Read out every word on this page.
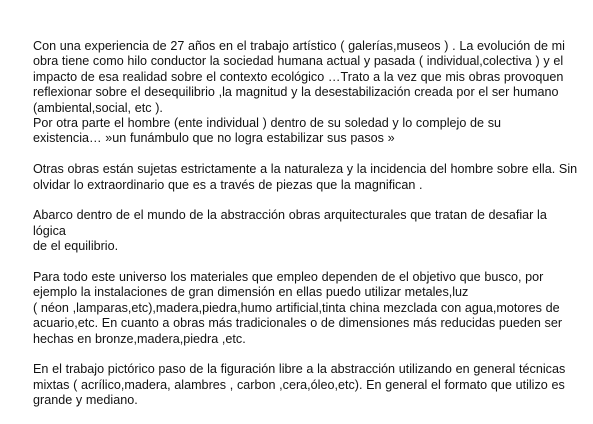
Con una experiencia de 27 años en el trabajo artístico ( galerías,museos ) . La evolución de mi
obra tiene como hilo conductor la sociedad humana actual y pasada ( individual,colectiva ) y el
impacto de esa realidad sobre el contexto ecológico …Trato a la vez que mis obras provoquen
reflexionar sobre el desequilibrio ,la magnitud y la desestabilización creada por el ser humano
(ambiental,social, etc ).

Por otra parte el hombre (ente individual ) dentro de su soledad y lo complejo de su
existencia… »un funámbulo que no logra estabilizar sus pasos »

Otras obras están sujetas estrictamente a la naturaleza y la incidencia del hombre sobre ella. Sin
olvidar lo extraordinario que es a través de piezas que la magnifican .

Abarco dentro de el mundo de la abstracción obras arquitecturales que tratan de desafiar la lógica
de el equilibrio.

Para todo este universo los materiales que empleo dependen de el objetivo que busco, por
ejemplo la instalaciones de gran dimensión en ellas puedo utilizar metales,luz
( néon ,lamparas,etc),madera,piedra,humo artificial,tinta china mezclada con agua,motores de
acuario,etc. En cuanto a obras más tradicionales o de dimensiones más reducidas pueden ser
hechas en bronze,madera,piedra ,etc.

En el trabajo pictórico paso de la figuración libre a la abstracción utilizando en general técnicas
mixtas ( acrílico,madera, alambres , carbon ,cera,óleo,etc). En general el formato que utilizo es
grande y mediano.
